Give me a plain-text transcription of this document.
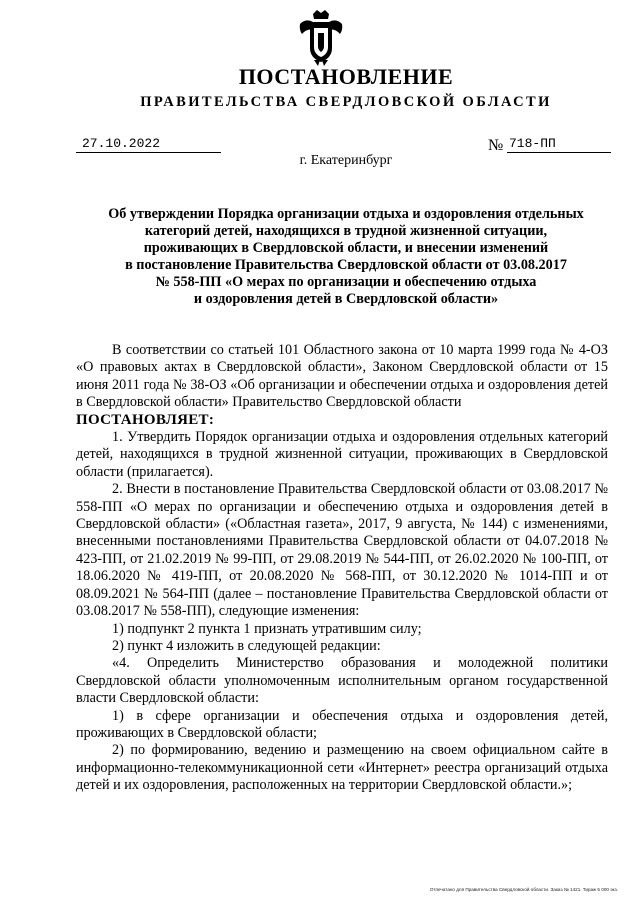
ПОСТАНОВЛЕНИЕ
ПРАВИТЕЛЬСТВА СВЕРДЛОВСКОЙ ОБЛАСТИ
27.10.2022	№ 718-ПП
г. Екатеринбург
Об утверждении Порядка организации отдыха и оздоровления отдельных
категорий детей, находящихся в трудной жизненной ситуации,
проживающих в Свердловской области, и внесении изменений
в постановление Правительства Свердловской области от 03.08.2017
№ 558-ПП «О мерах по организации и обеспечению отдыха
и оздоровления детей в Свердловской области»

В соответствии со статьей 101 Областного закона от 10 марта 1999 года № 4-ОЗ «О правовых актах в Свердловской области», Законом Свердловской области от 15 июня 2011 года № 38-ОЗ «Об организации и обеспечении отдыха и оздоровления детей в Свердловской области» Правительство Свердловской области

ПОСТАНОВЛЯЕТ:

1. Утвердить Порядок организации отдыха и оздоровления отдельных категорий детей, находящихся в трудной жизненной ситуации, проживающих в Свердловской области (прилагается).

2. Внести в постановление Правительства Свердловской области от 03.08.2017 № 558-ПП «О мерах по организации и обеспечению отдыха и оздоровления детей в Свердловской области» («Областная газета», 2017, 9 августа, № 144) с изменениями, внесенными постановлениями Правительства Свердловской области от 04.07.2018 № 423-ПП, от 21.02.2019 № 99-ПП, от 29.08.2019 № 544-ПП, от 26.02.2020 № 100-ПП, от 18.06.2020 № 419-ПП, от 20.08.2020 № 568-ПП, от 30.12.2020 № 1014-ПП и от 08.09.2021 № 564-ПП (далее – постановление Правительства Свердловской области от 03.08.2017 № 558-ПП), следующие изменения:

1) подпункт 2 пункта 1 признать утратившим силу;

2) пункт 4 изложить в следующей редакции:

«4. Определить Министерство образования и молодежной политики Свердловской области уполномоченным исполнительным органом государственной власти Свердловской области:

1) в сфере организации и обеспечения отдыха и оздоровления детей, проживающих в Свердловской области;

2) по формированию, ведению и размещению на своем официальном сайте в информационно-телекоммуникационной сети «Интернет» реестра организаций отдыха детей и их оздоровления, расположенных на территории Свердловской области.»;

Отпечатано для Правительства Свердловской области. Заказ № 1421. Тираж 5 000 экз.
